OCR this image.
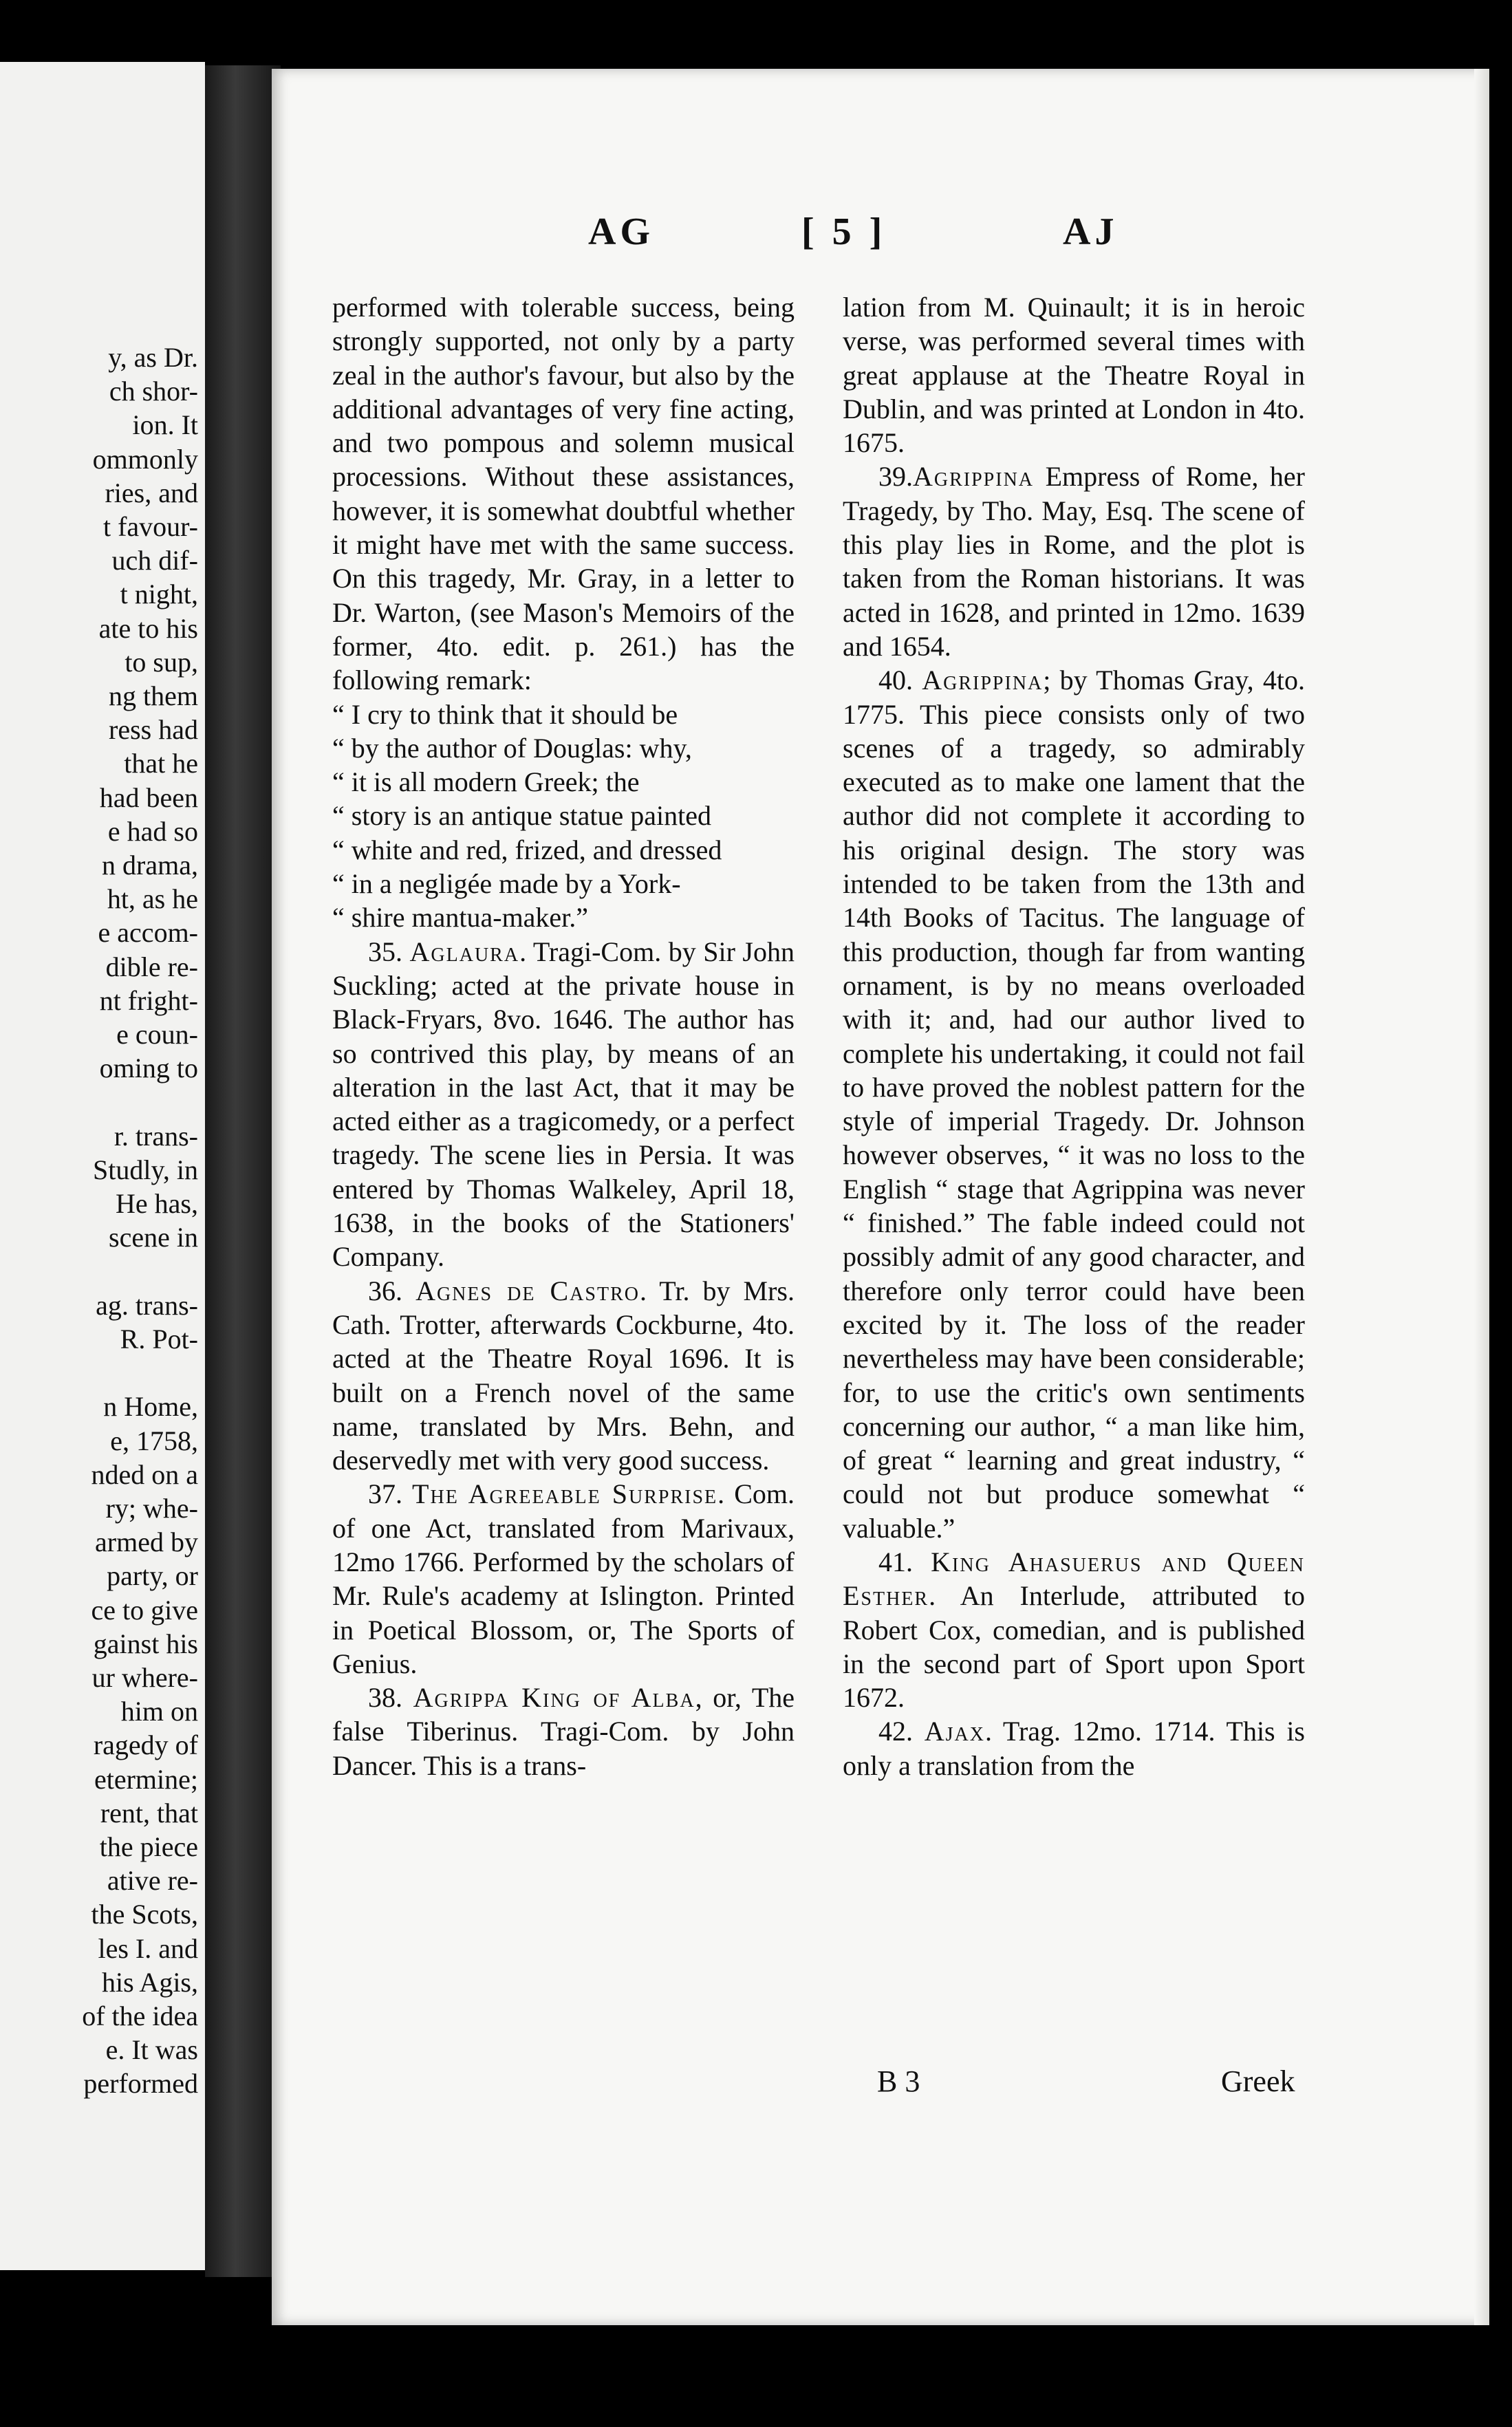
y, as Dr.
ch shor-
ion. It
ommonly
ries, and
t favour-
uch dif-
t night,
ate to his
to sup,
ng them
ress had
that he
had been
e had so
n drama,
ht, as he
e accom-
dible re-
nt fright-
e coun-
oming to

r. trans-
Studly, in
He has,
scene in

ag. trans-
R. Pot-

n Home,
e, 1758,
nded on a
ry; whe-
armed by
party, or
ce to give
gainst his
ur where-
him on
ragedy of
etermine;
rent, that
the piece
ative re-
the Scots,
les I. and
his Agis,
of the idea
e. It was
performed
AG	[ 5 ]	AJ

performed with tolerable success, being strongly supported, not only by a party zeal in the author's favour, but also by the additional advantages of very fine acting, and two pompous and solemn musical processions. Without these assistances, however, it is somewhat doubtful whether it might have met with the same success. On this tragedy, Mr. Gray, in a letter to Dr. Warton, (see Mason's Memoirs of the former, 4to. edit. p. 261.) has the following remark:

“ I cry to think that it should be

“ by the author of Douglas: why,

“ it is all modern Greek; the

“ story is an antique statue painted

“ white and red, frized, and dressed

“ in a negligée made by a York-

“ shire mantua-maker.”

35. Aglaura. Tragi-Com. by Sir John Suckling; acted at the private house in Black-Fryars, 8vo. 1646. The author has so contrived this play, by means of an alteration in the last Act, that it may be acted either as a tragicomedy, or a perfect tragedy. The scene lies in Persia. It was entered by Thomas Walkeley, April 18, 1638, in the books of the Stationers' Company.

36. Agnes de Castro. Tr. by Mrs. Cath. Trotter, afterwards Cockburne, 4to. acted at the Theatre Royal 1696. It is built on a French novel of the same name, translated by Mrs. Behn, and deservedly met with very good success.

37. The Agreeable Surprise. Com. of one Act, translated from Marivaux, 12mo 1766. Performed by the scholars of Mr. Rule's academy at Islington. Printed in Poetical Blossom, or, The Sports of Genius.

38. Agrippa King of Alba, or, The false Tiberinus. Tragi-Com. by John Dancer. This is a trans-

lation from M. Quinault; it is in heroic verse, was performed several times with great applause at the Theatre Royal in Dublin, and was printed at London in 4to. 1675.

39.Agrippina Empress of Rome, her Tragedy, by Tho. May, Esq. The scene of this play lies in Rome, and the plot is taken from the Roman historians. It was acted in 1628, and printed in 12mo. 1639 and 1654.

40. Agrippina; by Thomas Gray, 4to. 1775. This piece consists only of two scenes of a tragedy, so admirably executed as to make one lament that the author did not complete it according to his original design. The story was intended to be taken from the 13th and 14th Books of Tacitus. The language of this production, though far from wanting ornament, is by no means overloaded with it; and, had our author lived to complete his undertaking, it could not fail to have proved the noblest pattern for the style of imperial Tragedy. Dr. Johnson however observes, “ it was no loss to the English “ stage that Agrippina was never “ finished.” The fable indeed could not possibly admit of any good character, and therefore only terror could have been excited by it. The loss of the reader nevertheless may have been considerable; for, to use the critic's own sentiments concerning our author, “ a man like him, of great “ learning and great industry, “ could not but produce somewhat “ valuable.”

41. King Ahasuerus and Queen Esther. An Interlude, attributed to Robert Cox, comedian, and is published in the second part of Sport upon Sport 1672.

42. Ajax. Trag. 12mo. 1714. This is only a translation from the

B 3	Greek
